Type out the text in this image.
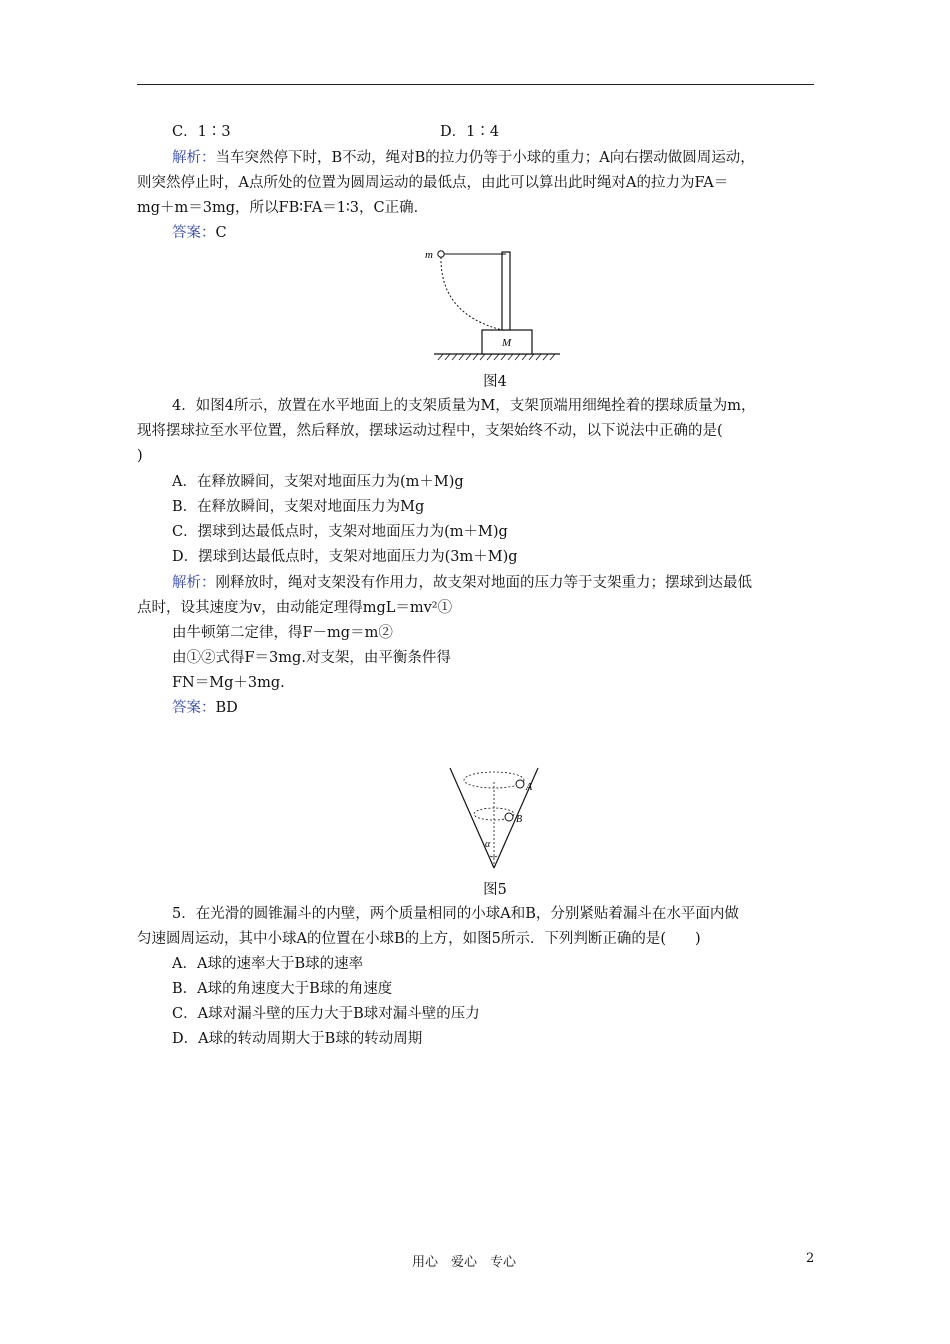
C．1∶3	D．1∶4
解析：当车突然停下时，B不动，绳对B的拉力仍等于小球的重力；A向右摆动做圆周运动，
则突然停止时，A点所处的位置为圆周运动的最低点，由此可以算出此时绳对A的拉力为FA＝
mg＋m＝3mg，所以FB∶FA＝1∶3，C正确．
答案：C
m
M
图4
4．如图4所示，放置在水平地面上的支架质量为M，支架顶端用细绳拴着的摆球质量为m，
现将摆球拉至水平位置，然后释放，摆球运动过程中，支架始终不动，以下说法中正确的是(
)
A．在释放瞬间，支架对地面压力为(m＋M)g
B．在释放瞬间，支架对地面压力为Mg
C．摆球到达最低点时，支架对地面压力为(m＋M)g
D．摆球到达最低点时，支架对地面压力为(3m＋M)g
解析：刚释放时，绳对支架没有作用力，故支架对地面的压力等于支架重力；摆球到达最低
点时，设其速度为v，由动能定理得mgL＝mv²①
由牛顿第二定律，得F－mg＝m②
由①②式得F＝3mg.对支架，由平衡条件得
FN＝Mg＋3mg.
答案：BD
A
B
α
图5
5．在光滑的圆锥漏斗的内壁，两个质量相同的小球A和B，分别紧贴着漏斗在水平面内做
匀速圆周运动，其中小球A的位置在小球B的上方，如图5所示．下列判断正确的是(　　)
A．A球的速率大于B球的速率
B．A球的角速度大于B球的角速度
C．A球对漏斗壁的压力大于B球对漏斗壁的压力
D．A球的转动周期大于B球的转动周期
用心　爱心　专心	2
